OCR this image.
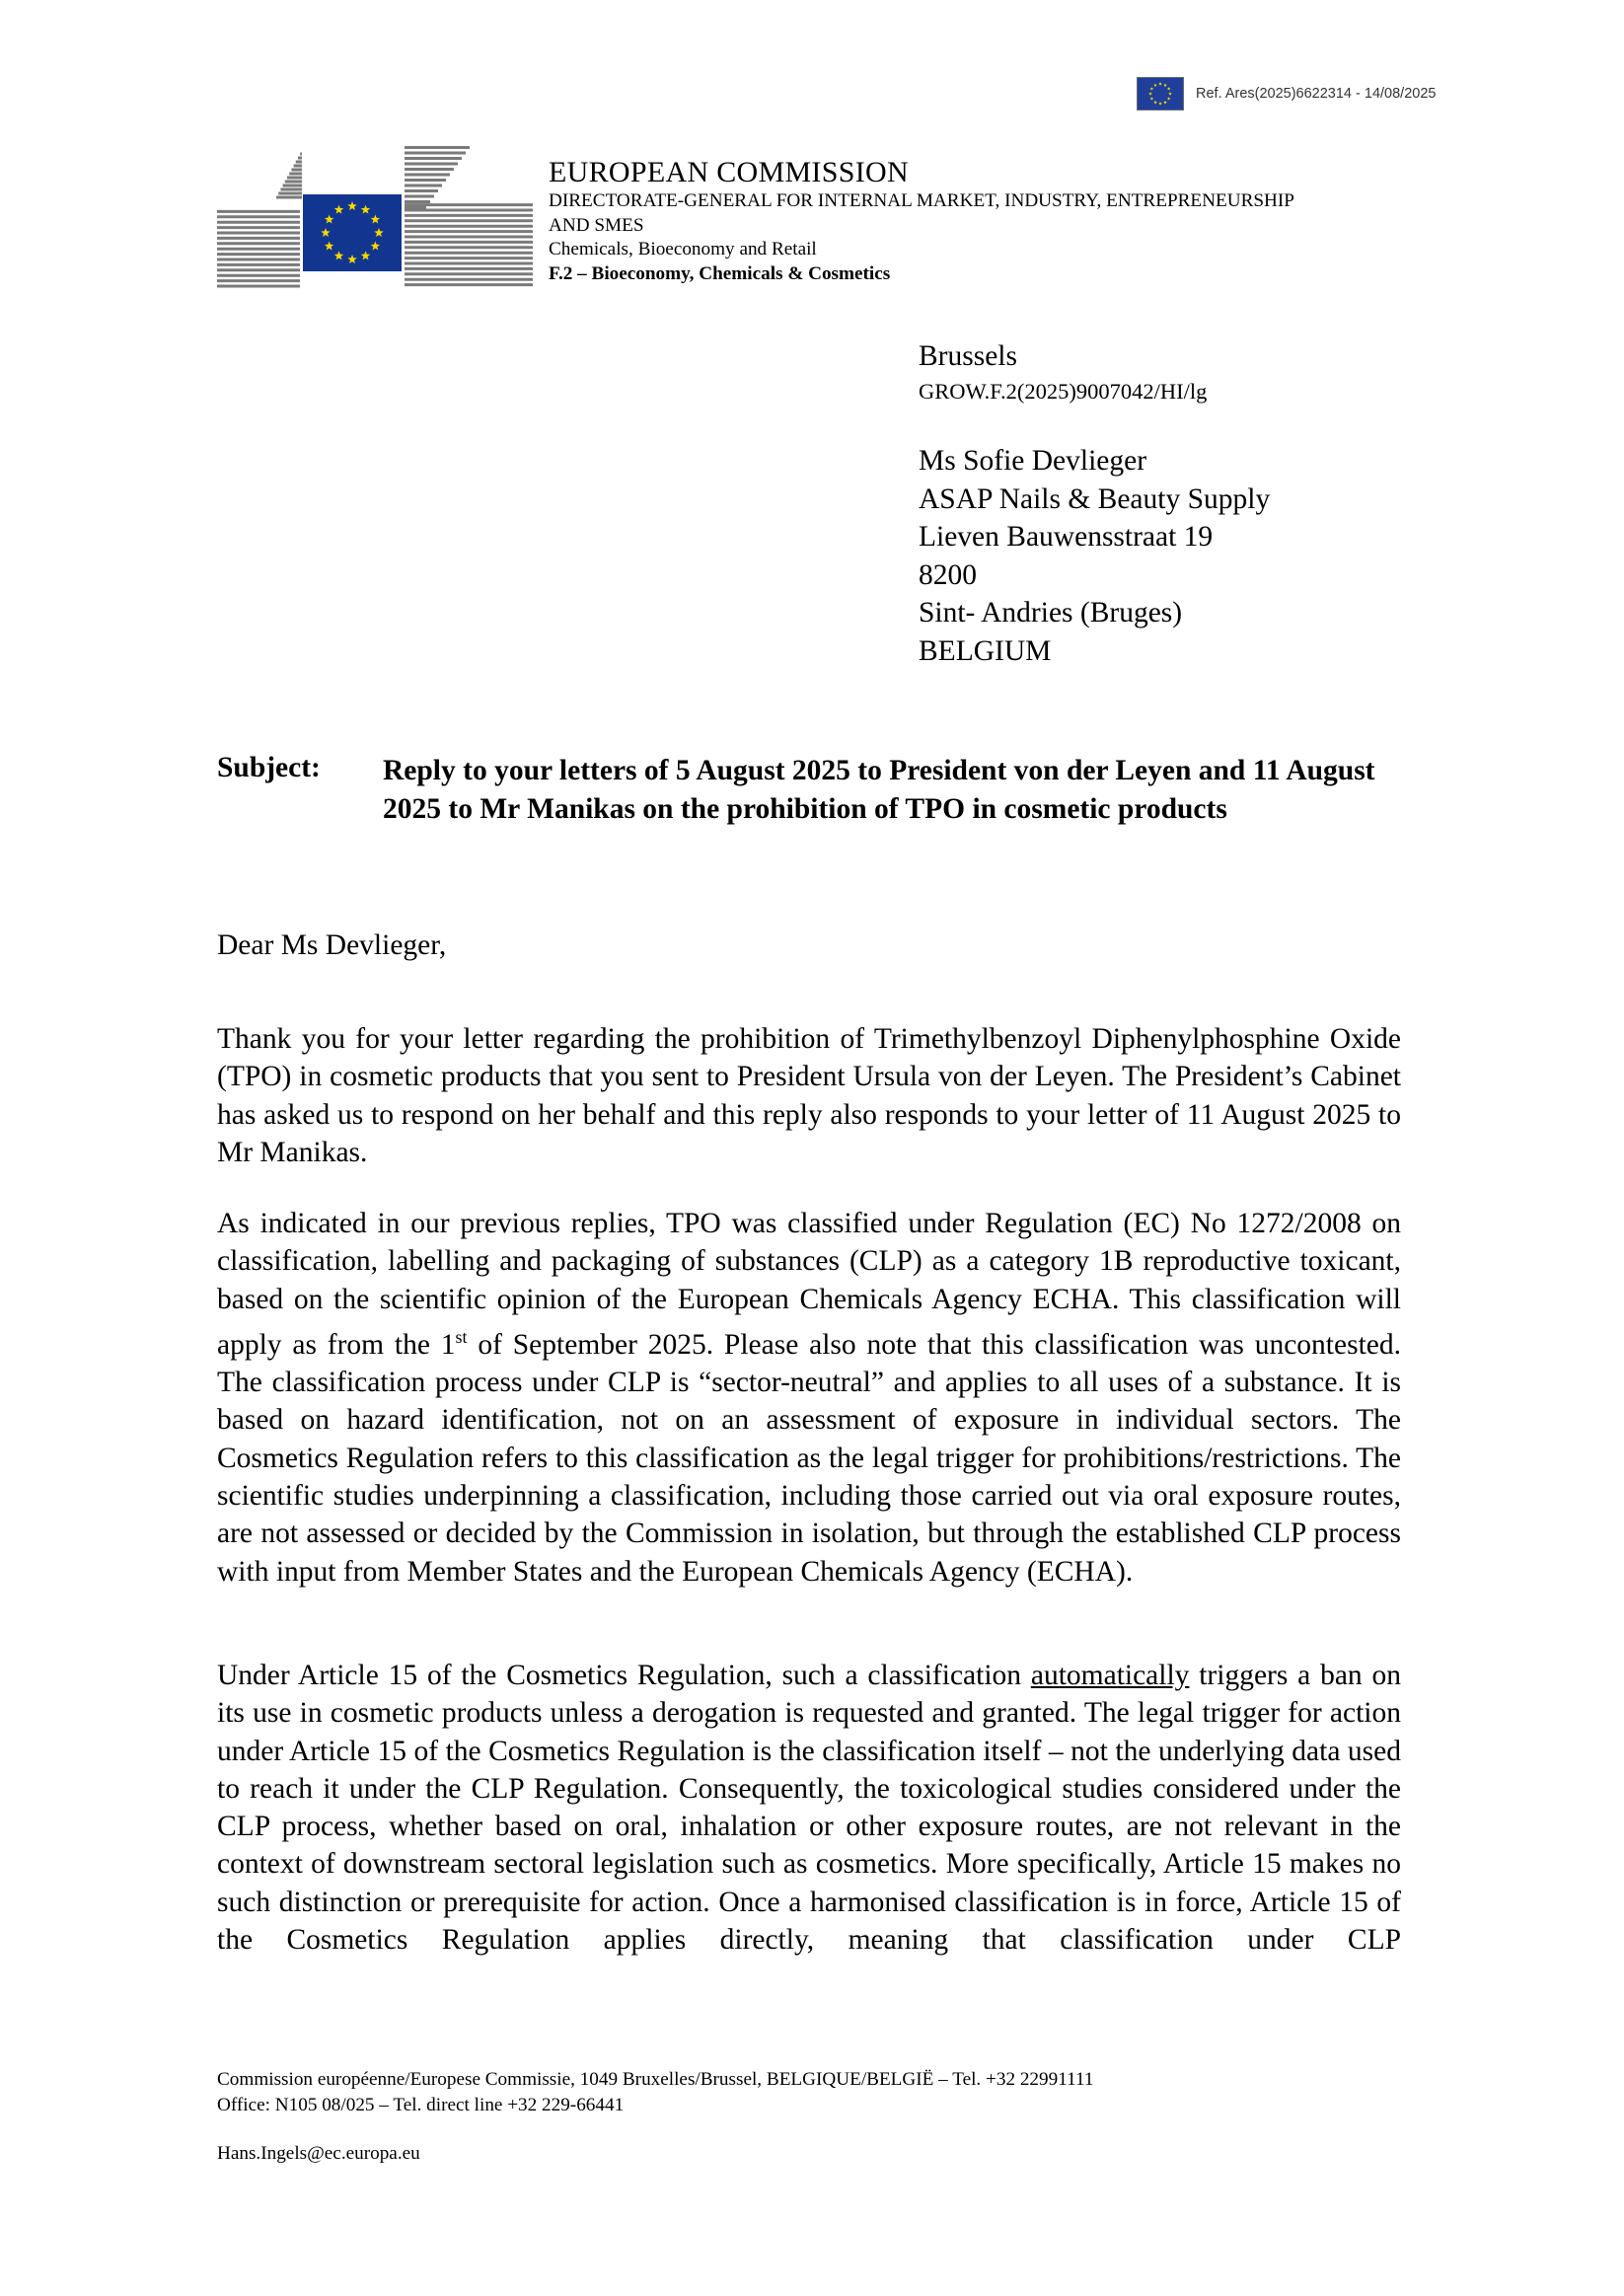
Ref. Ares(2025)6622314 - 14/08/2025
EUROPEAN COMMISSION
DIRECTORATE-GENERAL FOR INTERNAL MARKET, INDUSTRY, ENTREPRENEURSHIP
AND SMES
Chemicals, Bioeconomy and Retail
F.2 – Bioeconomy, Chemicals & Cosmetics
Brussels
GROW.F.2(2025)9007042/HI/lg
Ms Sofie Devlieger
ASAP Nails & Beauty Supply
Lieven Bauwensstraat 19
8200
Sint- Andries (Bruges)
BELGIUM
Subject: Reply to your letters of 5 August 2025 to President von der Leyen and 11 August 2025 to Mr Manikas on the prohibition of TPO in cosmetic products
Dear Ms Devlieger,
Thank you for your letter regarding the prohibition of Trimethylbenzoyl Diphenylphosphine Oxide (TPO) in cosmetic products that you sent to President Ursula von der Leyen. The President’s Cabinet has asked us to respond on her behalf and this reply also responds to your letter of 11 August 2025 to Mr Manikas.
As indicated in our previous replies, TPO was classified under Regulation (EC) No 1272/2008 on classification, labelling and packaging of substances (CLP) as a category 1B reproductive toxicant, based on the scientific opinion of the European Chemicals Agency ECHA. This classification will apply as from the 1st of September 2025. Please also note that this classification was uncontested. The classification process under CLP is “sector-neutral” and applies to all uses of a substance. It is based on hazard identification, not on an assessment of exposure in individual sectors. The Cosmetics Regulation refers to this classification as the legal trigger for prohibitions/restrictions. The scientific studies underpinning a classification, including those carried out via oral exposure routes, are not assessed or decided by the Commission in isolation, but through the established CLP process with input from Member States and the European Chemicals Agency (ECHA).
Under Article 15 of the Cosmetics Regulation, such a classification automatically triggers a ban on its use in cosmetic products unless a derogation is requested and granted. The legal trigger for action under Article 15 of the Cosmetics Regulation is the classification itself – not the underlying data used to reach it under the CLP Regulation. Consequently, the toxicological studies considered under the CLP process, whether based on oral, inhalation or other exposure routes, are not relevant in the context of downstream sectoral legislation such as cosmetics. More specifically, Article 15 makes no such distinction or prerequisite for action. Once a harmonised classification is in force, Article 15 of the Cosmetics Regulation applies directly, meaning that classification under CLP
Commission européenne/Europese Commissie, 1049 Bruxelles/Brussel, BELGIQUE/BELGIË – Tel. +32 22991111
Office: N105 08/025 – Tel. direct line +32 229-66441
Hans.Ingels@ec.europa.eu
